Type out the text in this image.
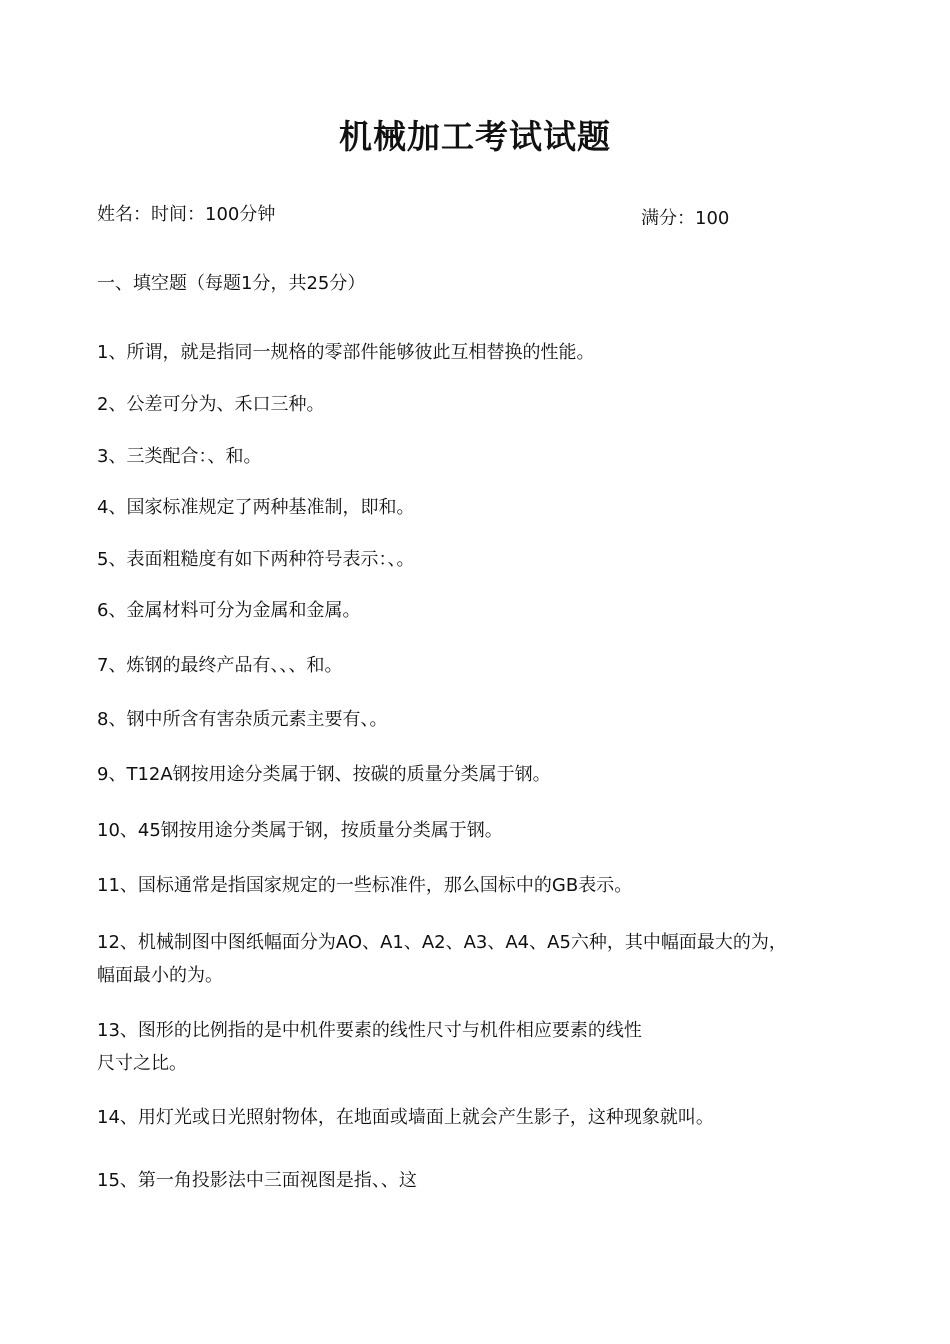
机械加工考试试题
姓名：时间：100分钟	满分：100
一、填空题（每题1分，共25分）
1、所谓，就是指同一规格的零部件能够彼此互相替换的性能。
2、公差可分为、禾口三种。
3、三类配合：、和。
4、国家标准规定了两种基准制，即和。
5、表面粗糙度有如下两种符号表示：、。
6、金属材料可分为金属和金属。
7、炼钢的最终产品有、、、和。
8、钢中所含有害杂质元素主要有、。
9、T12A钢按用途分类属于钢、按碳的质量分类属于钢。
10、45钢按用途分类属于钢，按质量分类属于钢。
11、国标通常是指国家规定的一些标准件，那么国标中的GB表示。
12、机械制图中图纸幅面分为AO、A1、A2、A3、A4、A5六种，其中幅面最大的为，
幅面最小的为。
13、图形的比例指的是中机件要素的线性尺寸与机件相应要素的线性
尺寸之比。
14、用灯光或日光照射物体，在地面或墙面上就会产生影子，这种现象就叫。
15、第一角投影法中三面视图是指、、这
